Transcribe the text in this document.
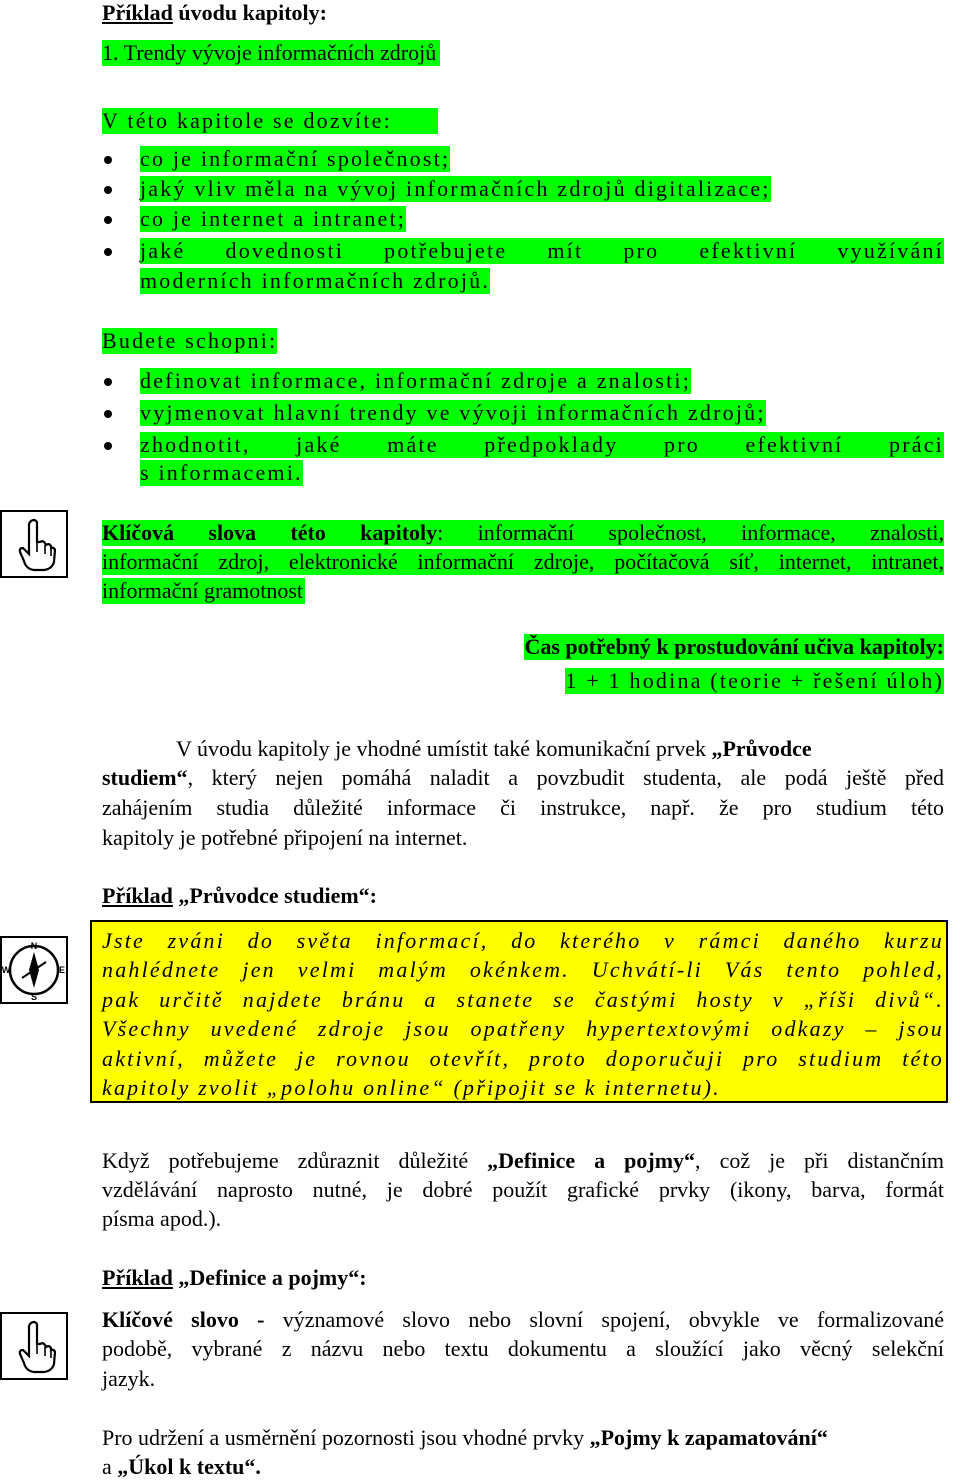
Příklad úvodu kapitoly:
1. Trendy vývoje informačních zdrojů
V této kapitole se dozvíte:
co je informační společnost;
jaký vliv měla na vývoj informačních zdrojů digitalizace;
co je internet a intranet;
jaké dovednosti potřebujete mít pro efektivní využívání
moderních informačních zdrojů.
Budete schopni:
definovat informace, informační zdroje a znalosti;
vyjmenovat hlavní trendy ve vývoji informačních zdrojů;
zhodnotit, jaké máte předpoklady pro efektivní práci
s informacemi.
Klíčová slova této kapitoly: informační společnost, informace, znalosti,
informační zdroj, elektronické informační zdroje, počítačová síť, internet, intranet,
informační gramotnost
Čas potřebný k prostudování učiva kapitoly:
1 + 1 hodina (teorie + řešení úloh)
V úvodu kapitoly je vhodné umístit také komunikační prvek „Průvodce
studiem“, který nejen pomáhá naladit a povzbudit studenta, ale podá ještě před
zahájením studia důležité informace či instrukce, např. že pro studium této
kapitoly je potřebné připojení na internet.
Příklad „Průvodce studiem“:
N
S
W	E
Jste zváni do světa informací, do kterého v rámci daného kurzu
nahlédnete jen velmi malým okénkem. Uchvátí-li Vás tento pohled,
pak určitě najdete bránu a stanete se častými hosty v „říši divů“.
Všechny uvedené zdroje jsou opatřeny hypertextovými odkazy – jsou
aktivní, můžete je rovnou otevřít, proto doporučuji pro studium této
kapitoly zvolit „polohu online“ (připojit se k internetu).
Když potřebujeme zdůraznit důležité „Definice a pojmy“, což je při distančním
vzdělávání naprosto nutné, je dobré použít grafické prvky (ikony, barva, formát
písma apod.).
Příklad „Definice a pojmy“:
Klíčové slovo - významové slovo nebo slovní spojení, obvykle ve formalizované
podobě, vybrané z názvu nebo textu dokumentu a sloužící jako věcný selekční
jazyk.
Pro udržení a usměrnění pozornosti jsou vhodné prvky „Pojmy k zapamatování“
a „Úkol k textu“.
